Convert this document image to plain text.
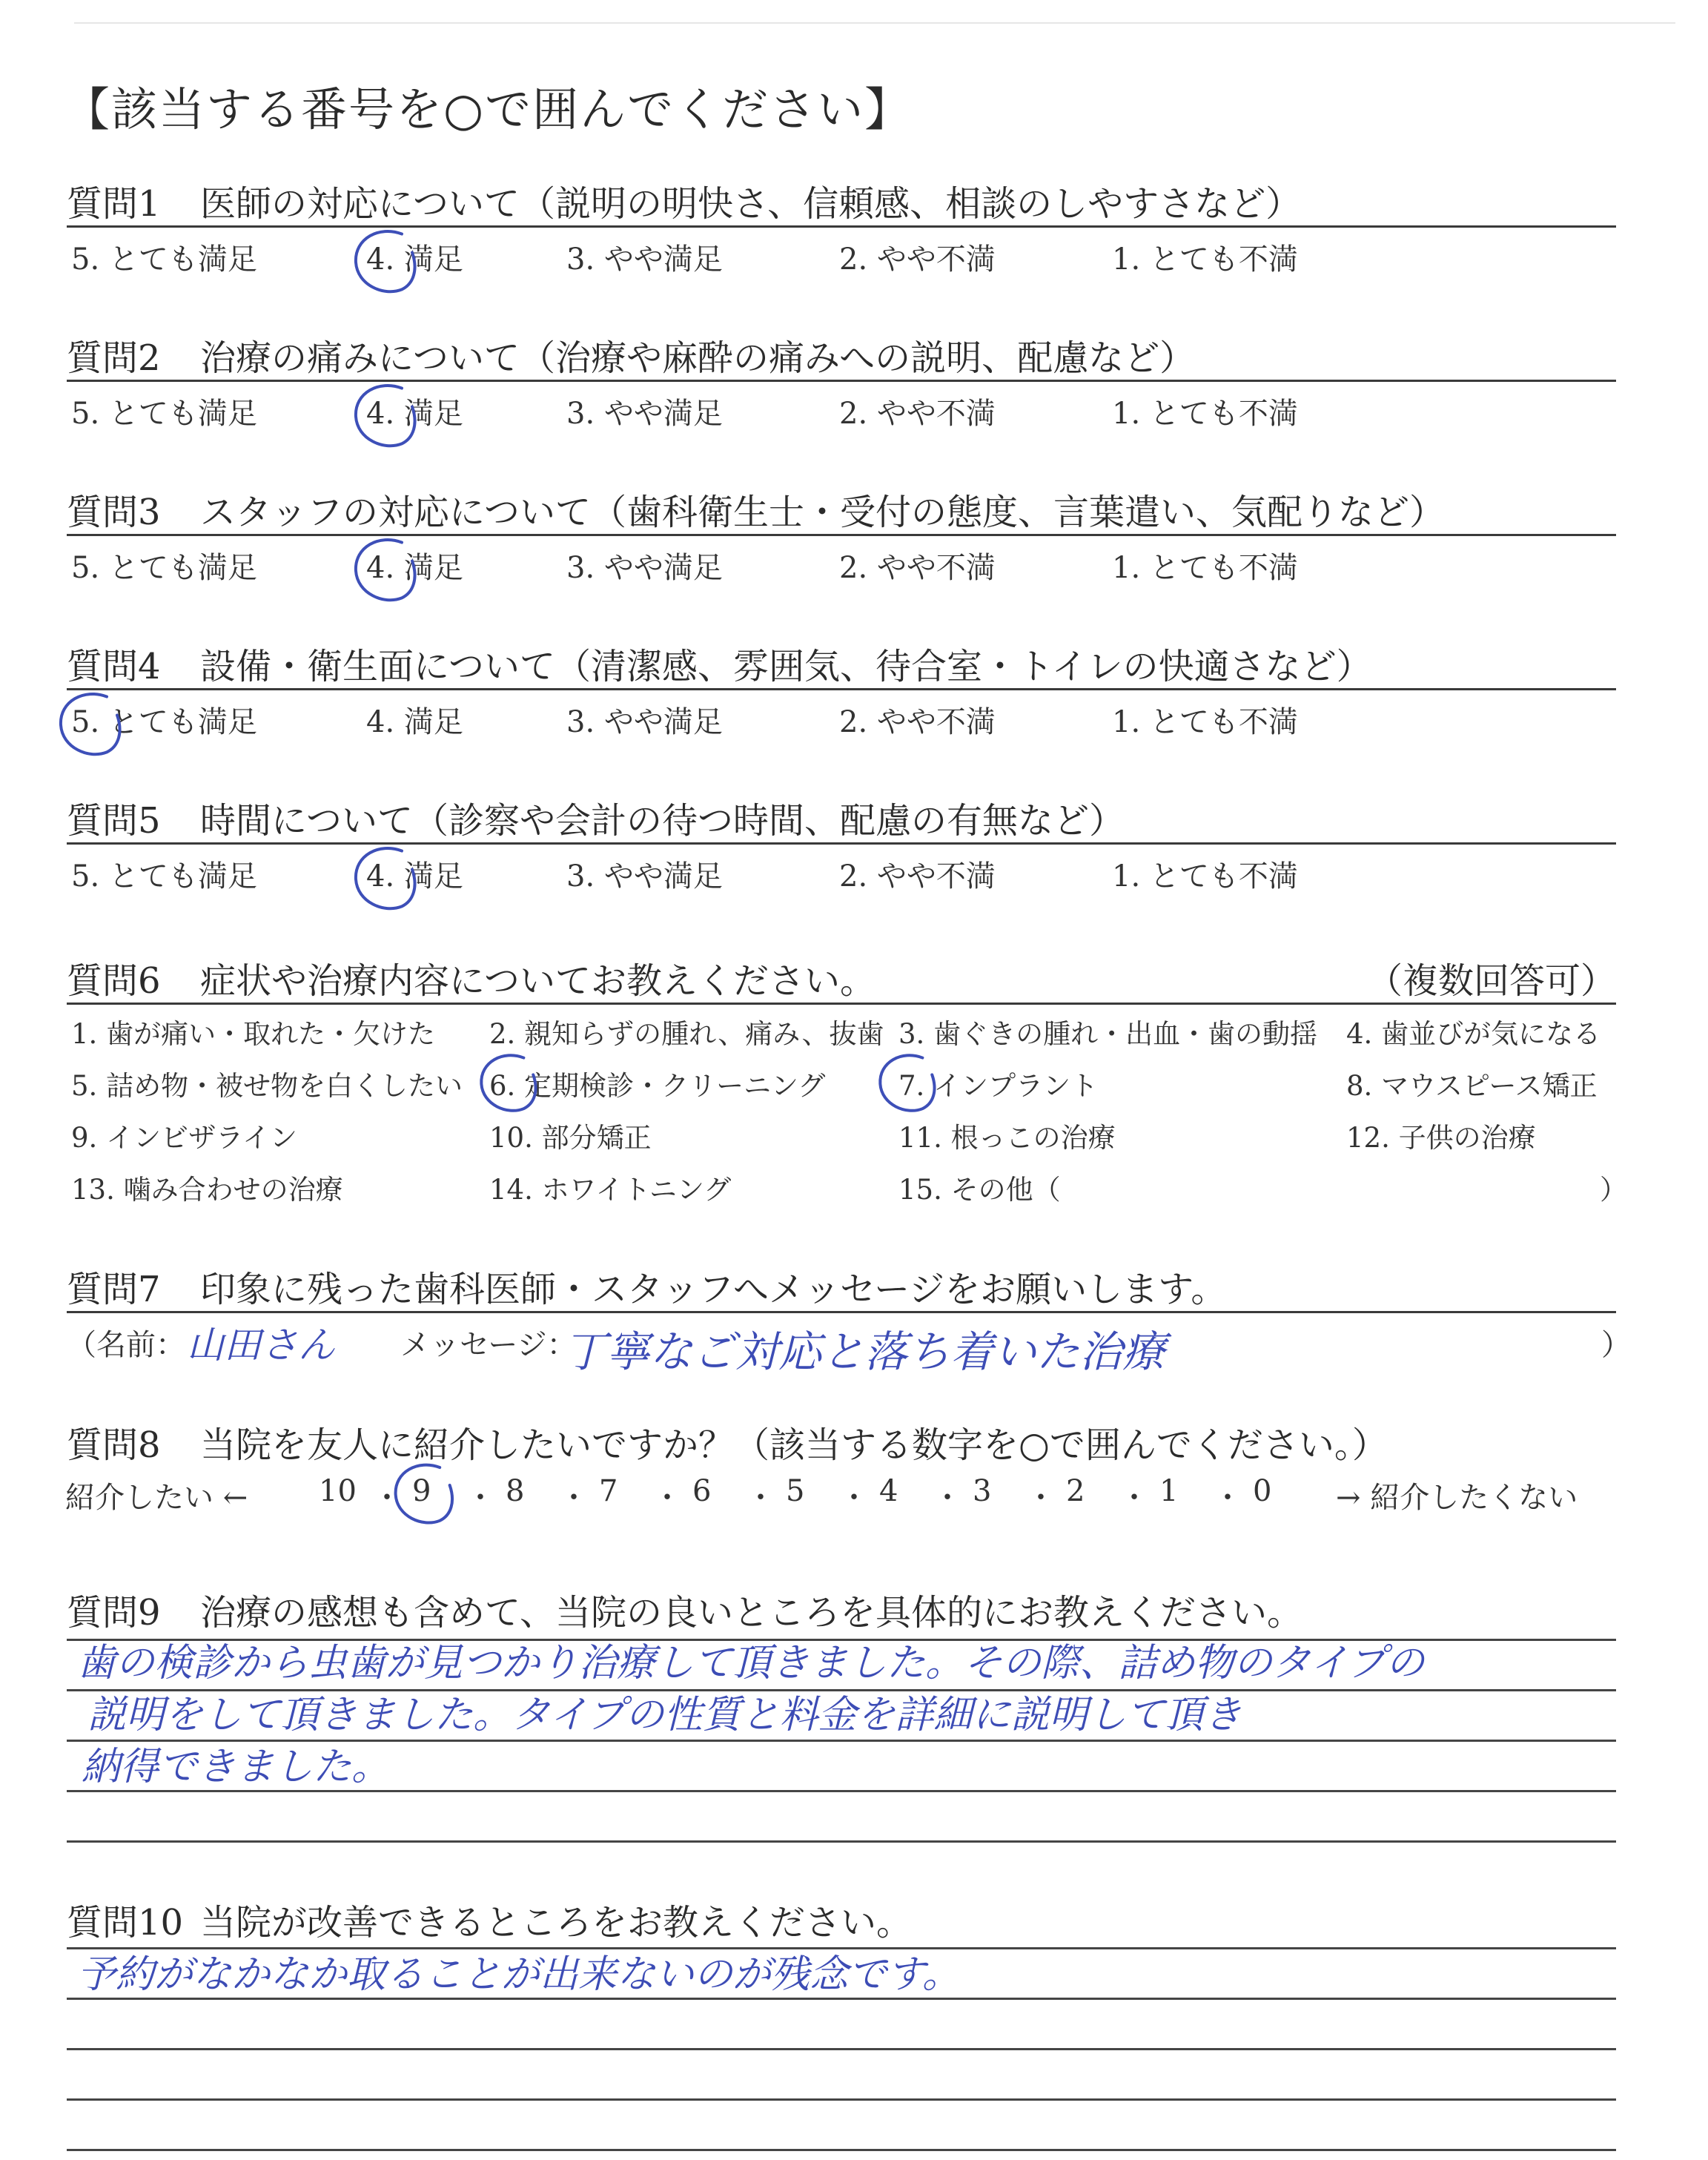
【該当する番号を○で囲んでください】
質問1 医師の対応について（説明の明快さ、信頼感、相談のしやすさなど）
質問2 治療の痛みについて（治療や麻酔の痛みへの説明、配慮など）
質問3 スタッフの対応について（歯科衛生士・受付の態度、言葉遣い、気配りなど）
質問4 設備・衛生面について（清潔感、雰囲気、待合室・トイレの快適さなど）
質問5 時間について（診察や会計の待つ時間、配慮の有無など）
質問6 症状や治療内容についてお教えください。	（複数回答可）
質問7 印象に残った歯科医師・スタッフへメッセージをお願いします。
（名前： 山田さん メッセージ：
丁寧なご対応と落ち着いた治療	）
質問8 当院を友人に紹介したいですか？（該当する数字を○で囲んでください。）
紹介したい ←	→ 紹介したくない
質問9 治療の感想も含めて、当院の良いところを具体的にお教えください。
歯の検診から虫歯が見つかり治療して頂きました。その際、詰め物のタイプの
説明をして頂きました。タイプの性質と料金を詳細に説明して頂き
納得できました。
質問10 当院が改善できるところをお教えください。
予約がなかなか取ることが出来ないのが残念です。
5. とても満足	4. 満足	3. やや満足	2. やや不満	1. とても不満
5. とても満足	4. 満足	3. やや満足	2. やや不満	1. とても不満
5. とても満足	4. 満足	3. やや満足	2. やや不満	1. とても不満
5. とても満足	4. 満足	3. やや満足	2. やや不満	1. とても不満
5. とても満足	4. 満足	3. やや満足	2. やや不満	1. とても不満
1. 歯が痛い・取れた・欠けた 2. 親知らずの腫れ、痛み、抜歯 3. 歯ぐきの腫れ・出血・歯の動揺 4. 歯並びが気になる
5. 詰め物・被せ物を白くしたい 6. 定期検診・クリーニング	7. インプラント	8. マウスピース矯正
9. インビザライン	10. 部分矯正	11. 根っこの治療	12. 子供の治療
13. 噛み合わせの治療	14. ホワイトニング	15. その他（	）
10 ・ 9 ・ 8 ・ 7 ・ 6 ・ 5 ・ 4 ・ 3 ・ 2 ・ 1 ・ 0
